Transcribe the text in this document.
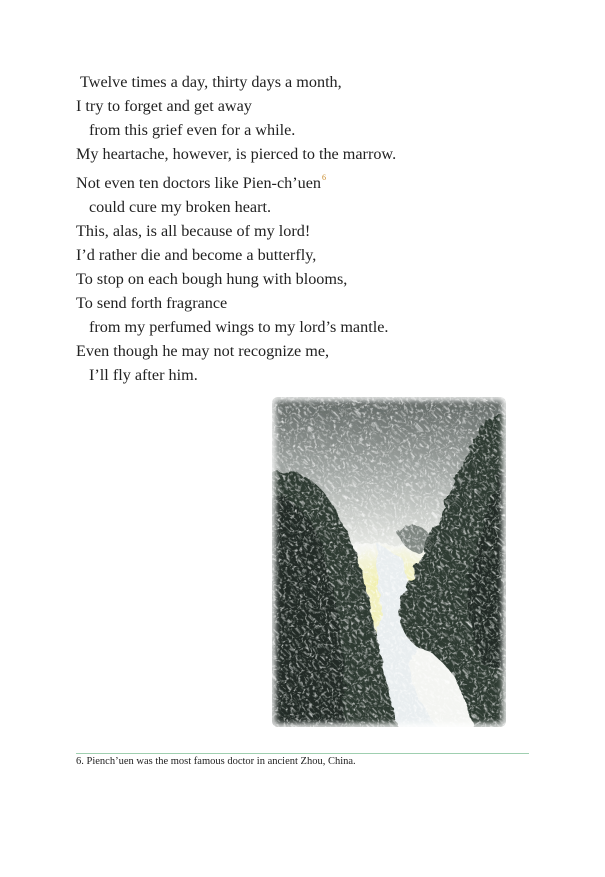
Twelve times a day, thirty days a month,
I try to forget and get away
from this grief even for a while.
My heartache, however, is pierced to the marrow.
Not even ten doctors like Pien-ch’uen$^6$
could cure my broken heart.
This, alas, is all because of my lord!
I’d rather die and become a butterfly,
To stop on each bough hung with blooms,
To send forth fragrance
from my perfumed wings to my lord’s mantle.
Even though he may not recognize me,
I’ll fly after him.
6. Pienchʼuen was the most famous doctor in ancient Zhou, China.
